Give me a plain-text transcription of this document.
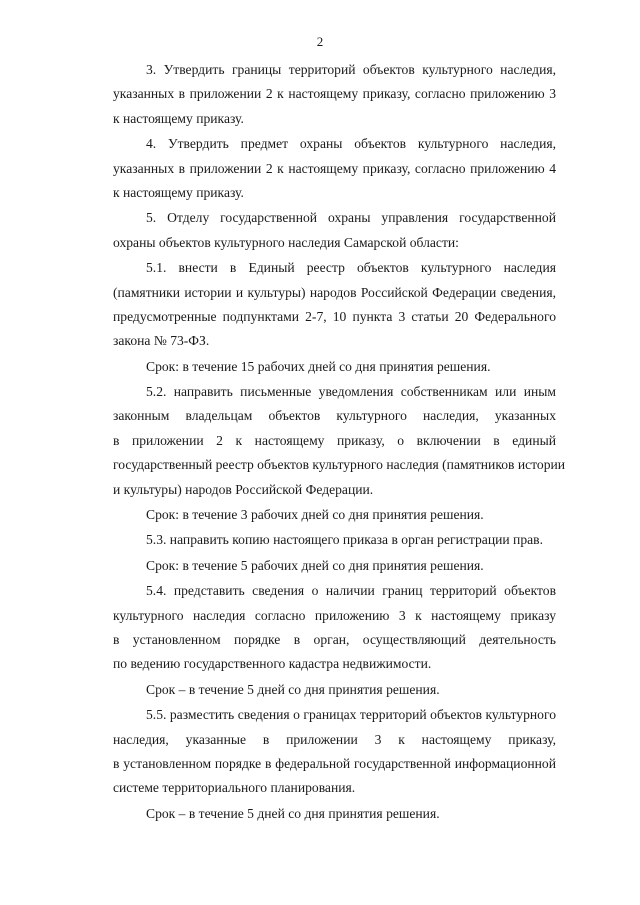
2
3. Утвердить границы территорий объектов культурного наследия,
указанных в приложении 2 к настоящему приказу, согласно приложению 3
к настоящему приказу.
4. Утвердить предмет охраны объектов культурного наследия,
указанных в приложении 2 к настоящему приказу, согласно приложению 4
к настоящему приказу.
5. Отделу государственной охраны управления государственной
охраны объектов культурного наследия Самарской области:
5.1. внести в Единый реестр объектов культурного наследия
(памятники истории и культуры) народов Российской Федерации сведения,
предусмотренные подпунктами 2-7, 10 пункта 3 статьи 20 Федерального
закона № 73-ФЗ.
Срок: в течение 15 рабочих дней со дня принятия решения.
5.2. направить письменные уведомления собственникам или иным
законным владельцам объектов культурного наследия, указанных
в приложении 2 к настоящему приказу, о включении в единый
государственный реестр объектов культурного наследия (памятников истории
и культуры) народов Российской Федерации.
Срок: в течение 3 рабочих дней со дня принятия решения.
5.3. направить копию настоящего приказа в орган регистрации прав.
Срок: в течение 5 рабочих дней со дня принятия решения.
5.4. представить сведения о наличии границ территорий объектов
культурного наследия согласно приложению 3 к настоящему приказу
в установленном порядке в орган, осуществляющий деятельность
по ведению государственного кадастра недвижимости.
Срок – в течение 5 дней со дня принятия решения.
5.5. разместить сведения о границах территорий объектов культурного
наследия, указанные в приложении 3 к настоящему приказу,
в установленном порядке в федеральной государственной информационной
системе территориального планирования.
Срок – в течение 5 дней со дня принятия решения.
